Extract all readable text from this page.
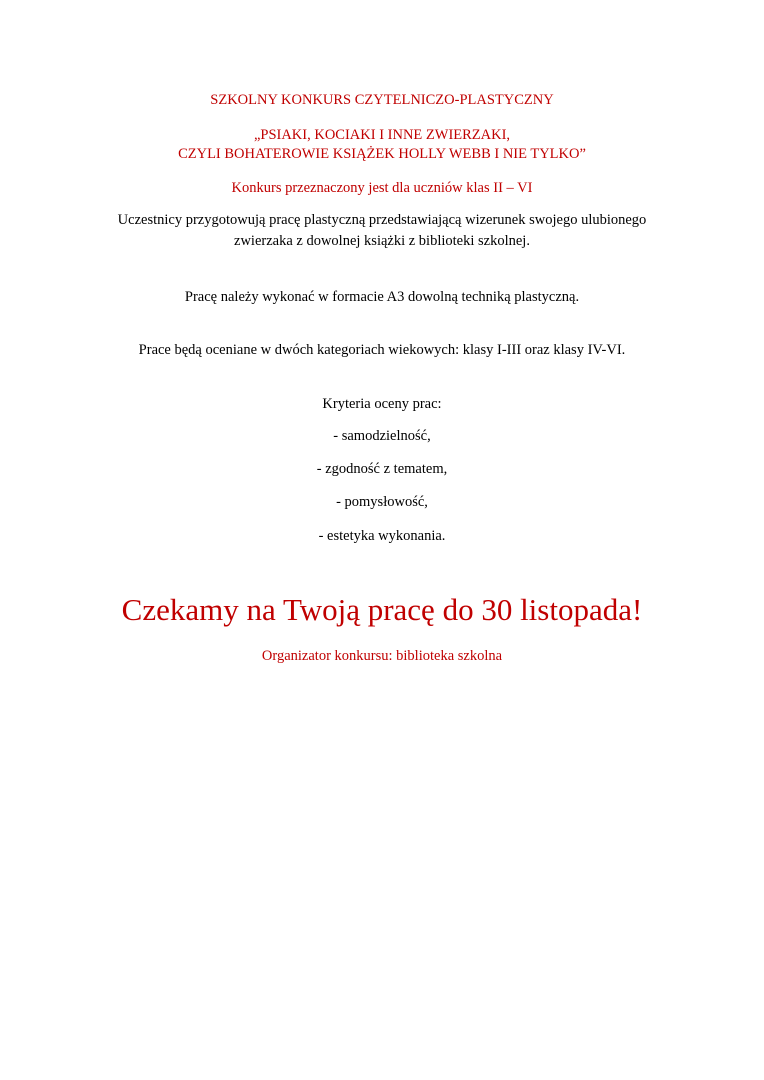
SZKOLNY KONKURS CZYTELNICZO-PLASTYCZNY
„PSIAKI, KOCIAKI I INNE ZWIERZAKI,
CZYLI BOHATEROWIE KSIĄŻEK HOLLY WEBB I NIE TYLKO”
Konkurs przeznaczony jest dla uczniów klas II – VI
Uczestnicy przygotowują pracę plastyczną przedstawiającą wizerunek swojego ulubionego
zwierzaka z dowolnej książki z biblioteki szkolnej.
Pracę należy wykonać w formacie A3 dowolną techniką plastyczną.
Prace będą oceniane w dwóch kategoriach wiekowych: klasy I-III oraz klasy IV-VI.
Kryteria oceny prac:
- samodzielność,
- zgodność z tematem,
- pomysłowość,
- estetyka wykonania.
Czekamy na Twoją pracę do 30 listopada!
Organizator konkursu: biblioteka szkolna
